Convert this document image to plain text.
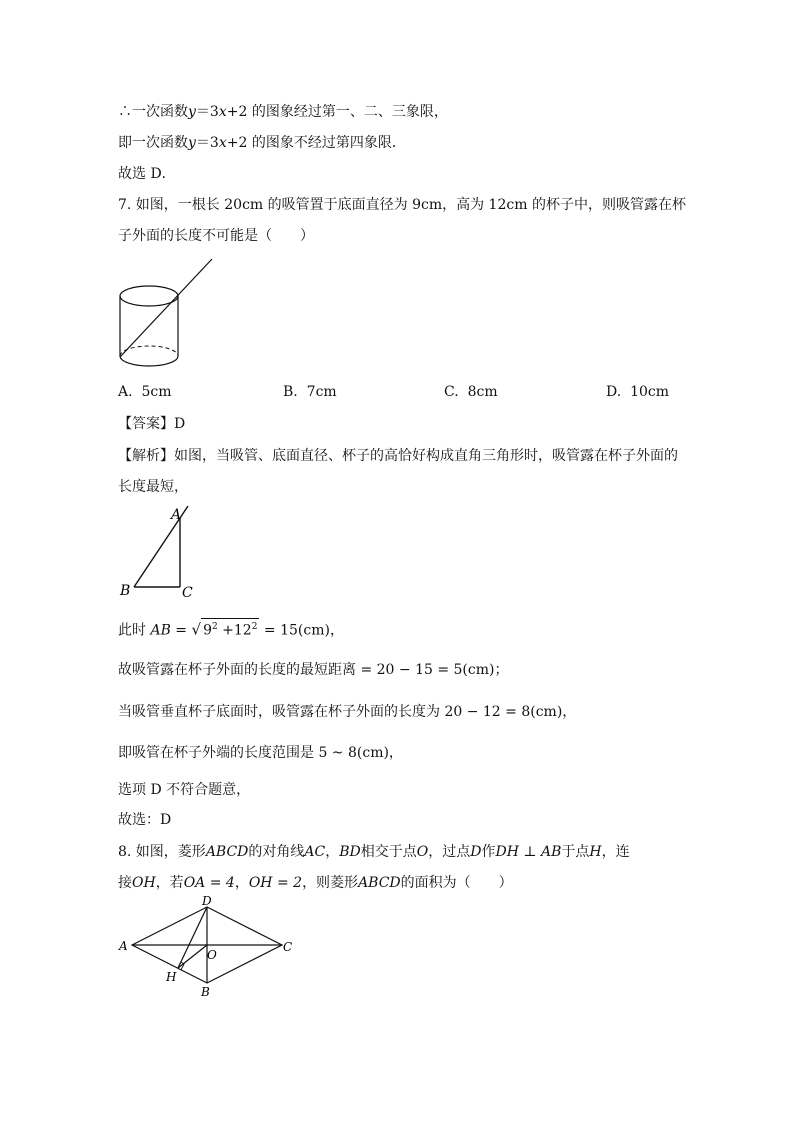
∴一次函数y＝3x+2 的图象经过第一、二、三象限，
即一次函数y＝3x+2 的图象不经过第四象限．
故选 D．
7. 如图，一根长 20cm 的吸管置于底面直径为 9cm，高为 12cm 的杯子中，则吸管露在杯
子外面的长度不可能是（　　）
A. 5cm	B. 7cm	C. 8cm	D. 10cm
【答案】D
【解析】如图，当吸管、底面直径、杯子的高恰好构成直角三角形时，吸管露在杯子外面的
长度最短，
A
B	C
此时 AB = √ $9^2 +12^2 = 15(cm)$，
故吸管露在杯子外面的长度的最短距离 = 20 − 15 = 5(cm)；
当吸管垂直杯子底面时，吸管露在杯子外面的长度为 20 − 12 = 8(cm)，
即吸管在杯子外端的长度范围是 5 ~ 8(cm)，
选项 D 不符合题意，
故选：D
8. 如图，菱形ABCD的对角线AC，BD相交于点O，过点D作DH ⊥ AB于点H，连
接OH，若OA = 4，OH = 2，则菱形ABCD的面积为（　　）
A
D
C
B
O
H
